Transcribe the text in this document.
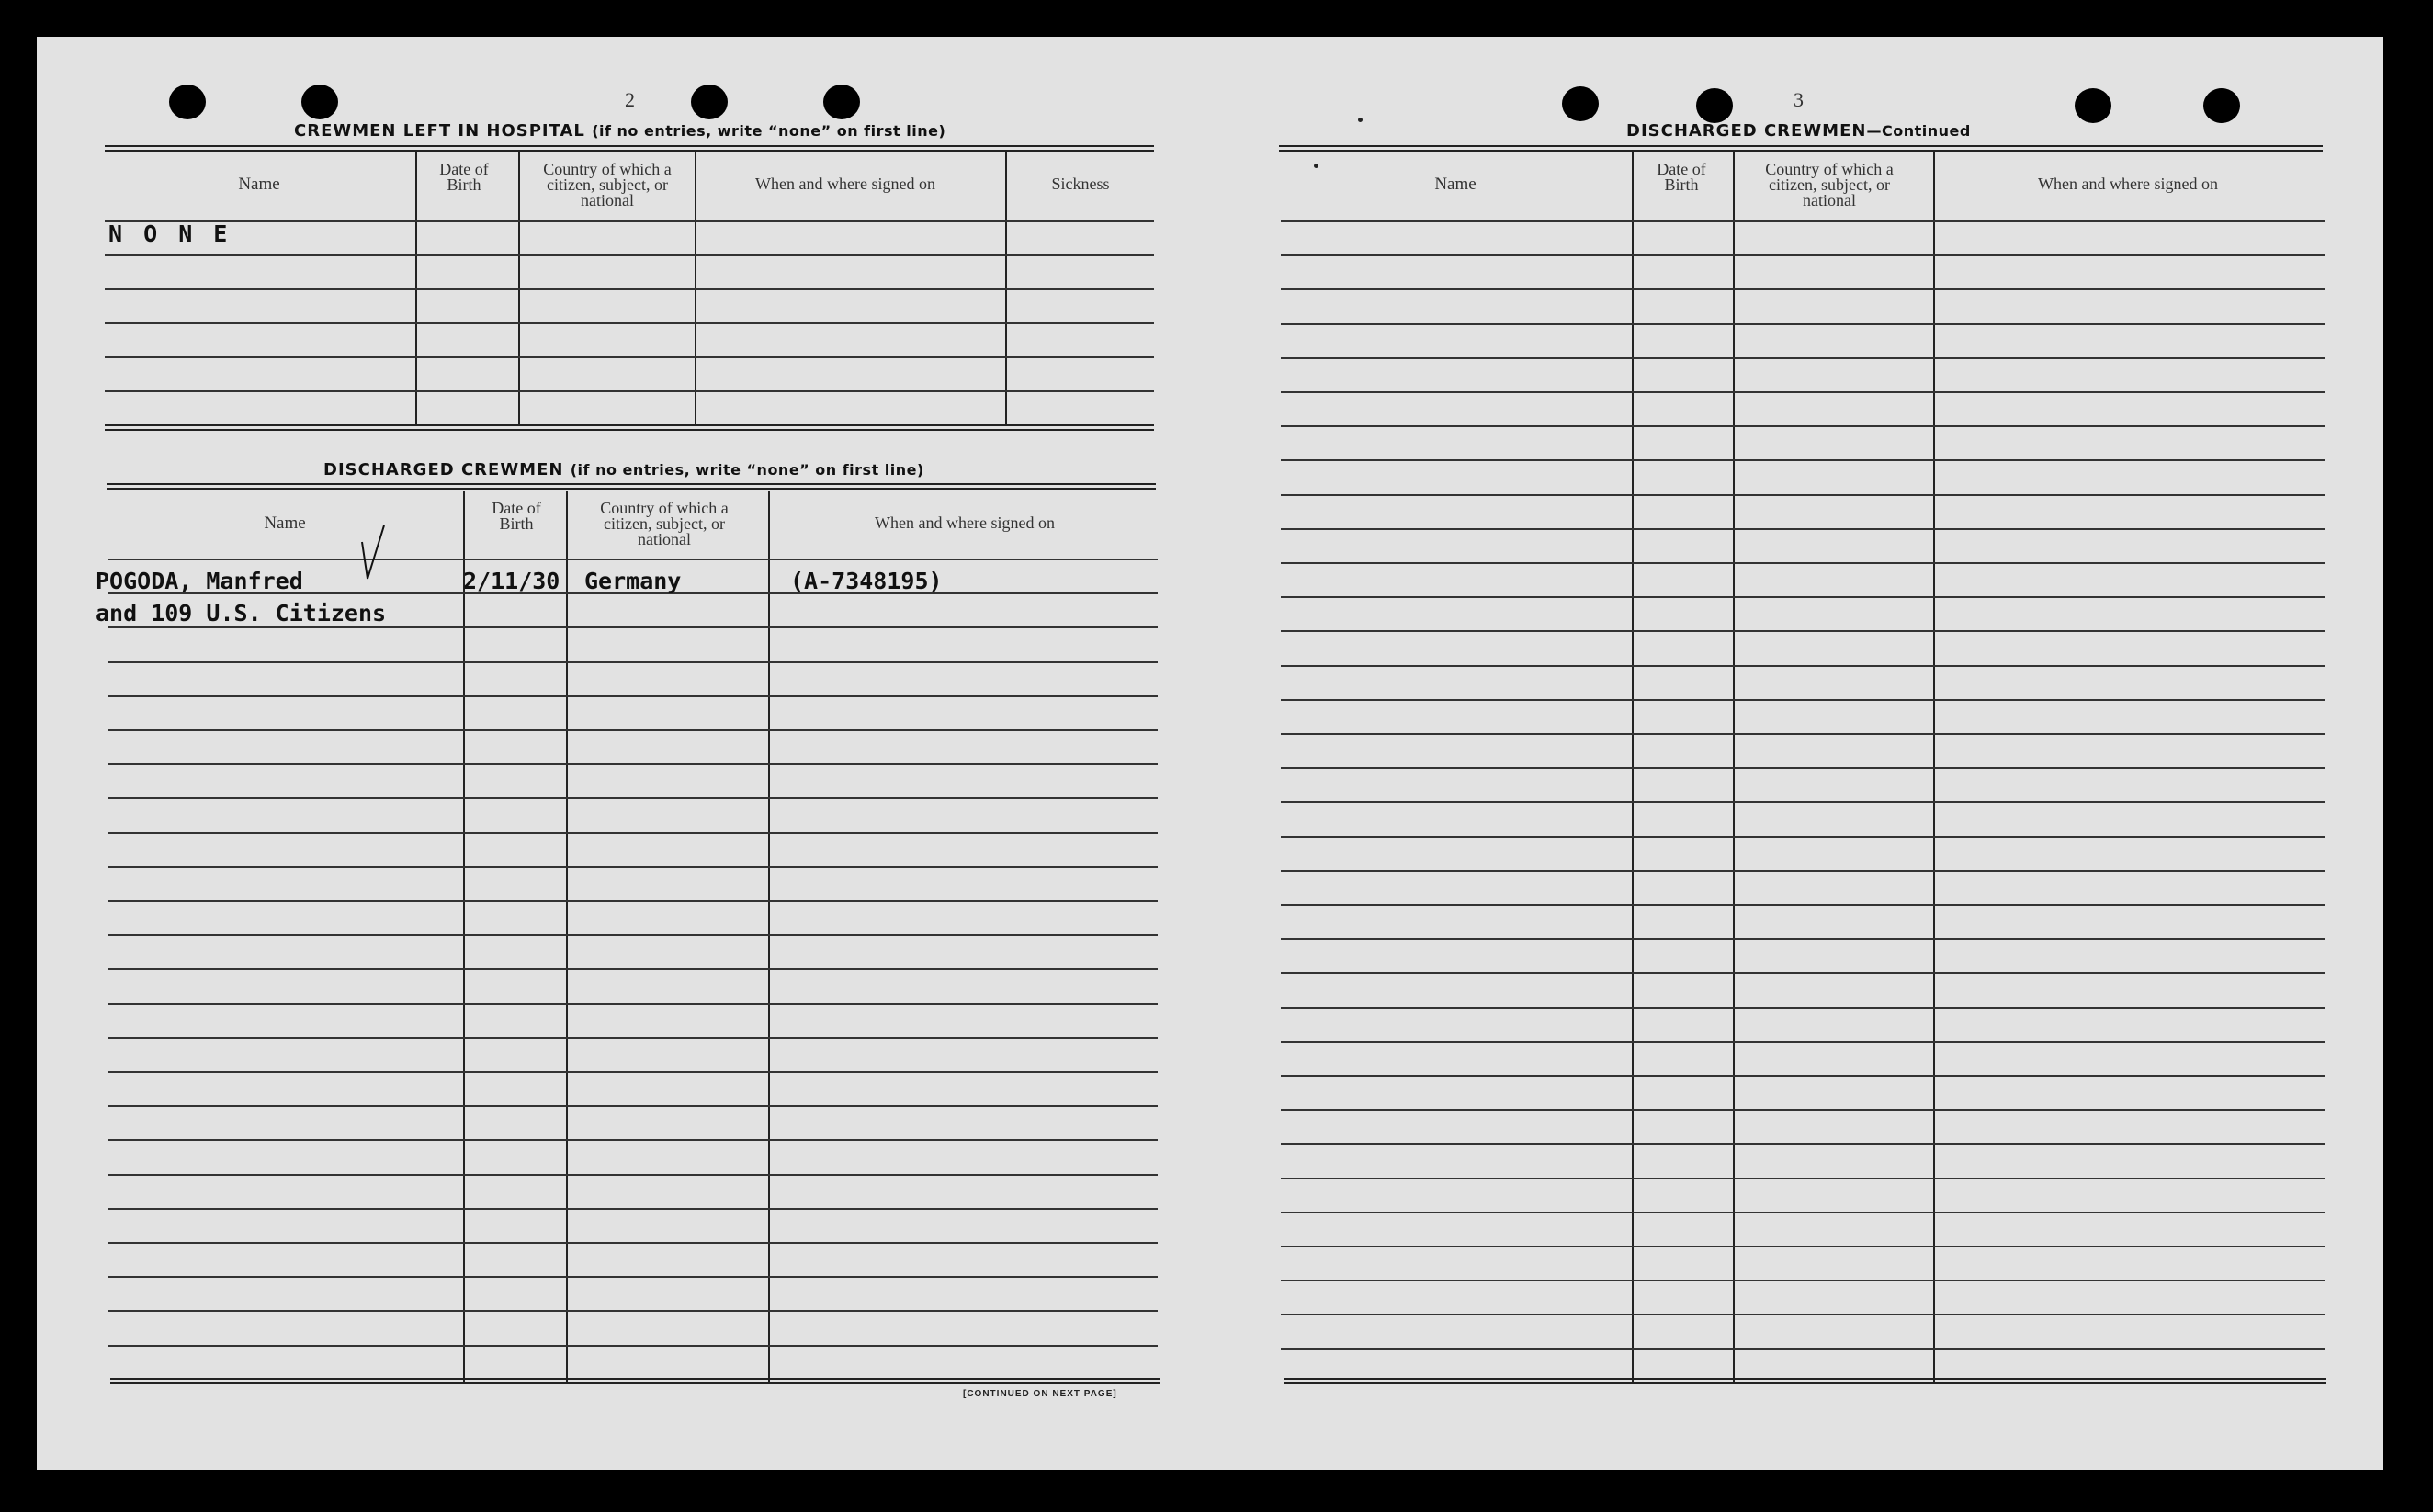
2
CREWMEN LEFT IN HOSPITAL (if no entries, write “none” on first line)
Name
Date of Birth
Country of which a citizen, subject, or national
When and where signed on	Sickness
N O N E
DISCHARGED CREWMEN (if no entries, write “none” on first line)
Name
Date of Birth
Country of which a citizen, subject, or national
When and where signed on
POGODA, Manfred
and 109 U.S. Citizens
2/11/30 Germany	(A-7348195)
[CONTINUED ON NEXT PAGE]
3
DISCHARGED CREWMEN—Continued
Name
Date of Birth
Country of which a citizen, subject, or national
When and where signed on
